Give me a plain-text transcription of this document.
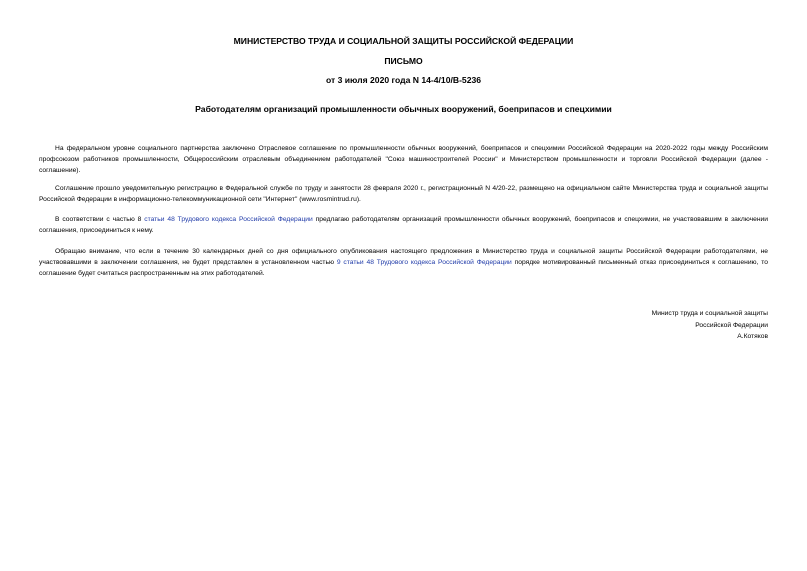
МИНИСТЕРСТВО ТРУДА И СОЦИАЛЬНОЙ ЗАЩИТЫ РОССИЙСКОЙ ФЕДЕРАЦИИ
ПИСЬМО
от 3 июля 2020 года N 14-4/10/В-5236
Работодателям организаций промышленности обычных вооружений, боеприпасов и спецхимии

На федеральном уровне социального партнерства заключено Отраслевое соглашение по промышленности обычных вооружений, боеприпасов и спецхимии Российской Федерации на 2020-2022 годы между Российским профсоюзом работников промышленности, Общероссийским отраслевым объединением работодателей "Союз машиностроителей России" и Министерством промышленности и торговли Российской Федерации (далее - соглашение).

Соглашение прошло уведомительную регистрацию в Федеральной службе по труду и занятости 28 февраля 2020 г., регистрационный N 4/20-22, размещено на официальном сайте Министерства труда и социальной защиты Российской Федерации в информационно-телекоммуникационной сети "Интернет" (www.rosmintrud.ru).

В соответствии с частью 8 статьи 48 Трудового кодекса Российской Федерации предлагаю работодателям организаций промышленности обычных вооружений, боеприпасов и спецхимии, не участвовавшим в заключении соглашения, присоединиться к нему.

Обращаю внимание, что если в течение 30 календарных дней со дня официального опубликования настоящего предложения в Министерство труда и социальной защиты Российской Федерации работодателями, не участвовавшими в заключении соглашения, не будет представлен в установленном частью 9 статьи 48 Трудового кодекса Российской Федерации порядке мотивированный письменный отказ присоединиться к соглашению, то соглашение будет считаться распространенным на этих работодателей.

Министр труда и социальной защиты
Российской Федерации
А.Котяков
